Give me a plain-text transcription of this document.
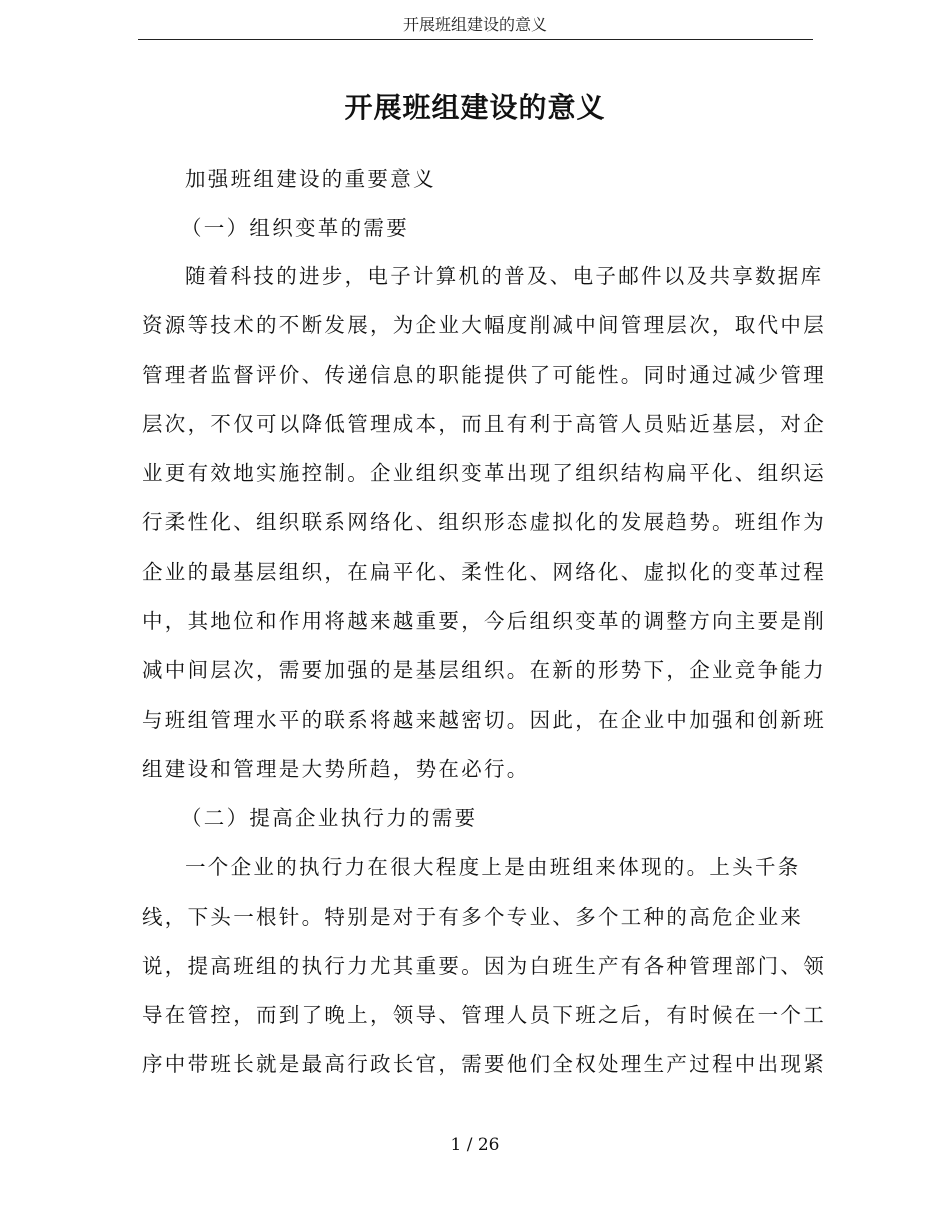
开展班组建设的意义
开展班组建设的意义
加强班组建设的重要意义
（一）组织变革的需要
随着科技的进步，电子计算机的普及、电子邮件以及共享数据库
资源等技术的不断发展，为企业大幅度削减中间管理层次，取代中层
管理者监督评价、传递信息的职能提供了可能性。同时通过减少管理
层次，不仅可以降低管理成本，而且有利于高管人员贴近基层，对企
业更有效地实施控制。企业组织变革出现了组织结构扁平化、组织运
行柔性化、组织联系网络化、组织形态虚拟化的发展趋势。班组作为
企业的最基层组织，在扁平化、柔性化、网络化、虚拟化的变革过程
中，其地位和作用将越来越重要，今后组织变革的调整方向主要是削
减中间层次，需要加强的是基层组织。在新的形势下，企业竞争能力
与班组管理水平的联系将越来越密切。因此，在企业中加强和创新班
组建设和管理是大势所趋，势在必行。
（二）提高企业执行力的需要
一个企业的执行力在很大程度上是由班组来体现的。上头千条
线，下头一根针。特别是对于有多个专业、多个工种的高危企业来
说，提高班组的执行力尤其重要。因为白班生产有各种管理部门、领
导在管控，而到了晚上，领导、管理人员下班之后，有时候在一个工
序中带班长就是最高行政长官，需要他们全权处理生产过程中出现紧
1 / 26
